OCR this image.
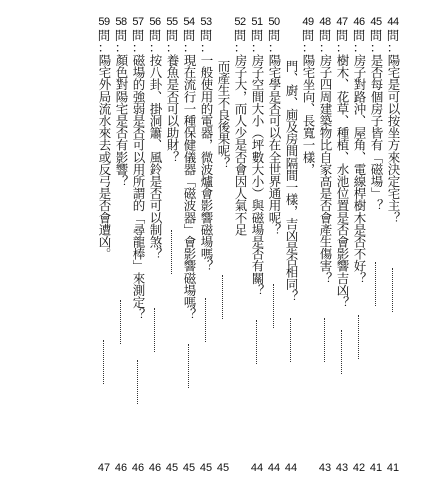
44
問
：
陽宅是可以按坐方來決定宅主？
41
45
問
：
是否每個房子皆有「磁場」？
41
46
問
：
房子對路沖、屋角、電線桿樹木是否不好？
42
47
問
：
樹木、花草、種植、水池位置是否會影響吉凶？
43
48
問
：
房子四周建築物比自家高是否會產生傷害？
43
49
問
：
陽宅坐向、長寬一樣，
門、廚、廁及房間隔間一樣，吉凶是否相同？
44
50
問
：
陽宅學是否可以在全世界通用呢？
44
51
問
：
房子空間大小（坪數大小）與磁場是否有關？
44
52
問
：
房子大，而人少是否會因人氣不足
而產生不良後果呢？
45
53
問
：
一般使用的電器，微波爐會影響磁場嗎？
45
54
問
：
現在流行一種保健儀器「磁波器」會影響磁場嗎？
45
55
問
：
養魚是否可以助財？
45
56
問
：
按八卦、掛洞簫、風鈴是否可以制煞？
46
57
問
：
磁場的強弱是否可以用所謂的「尋龍棒」來測定？
46
58
問
：
顏色對陽宅是否有影響？
46
59
問
：
陽宅外局流水來去或反弓是否會遭凶。
47
